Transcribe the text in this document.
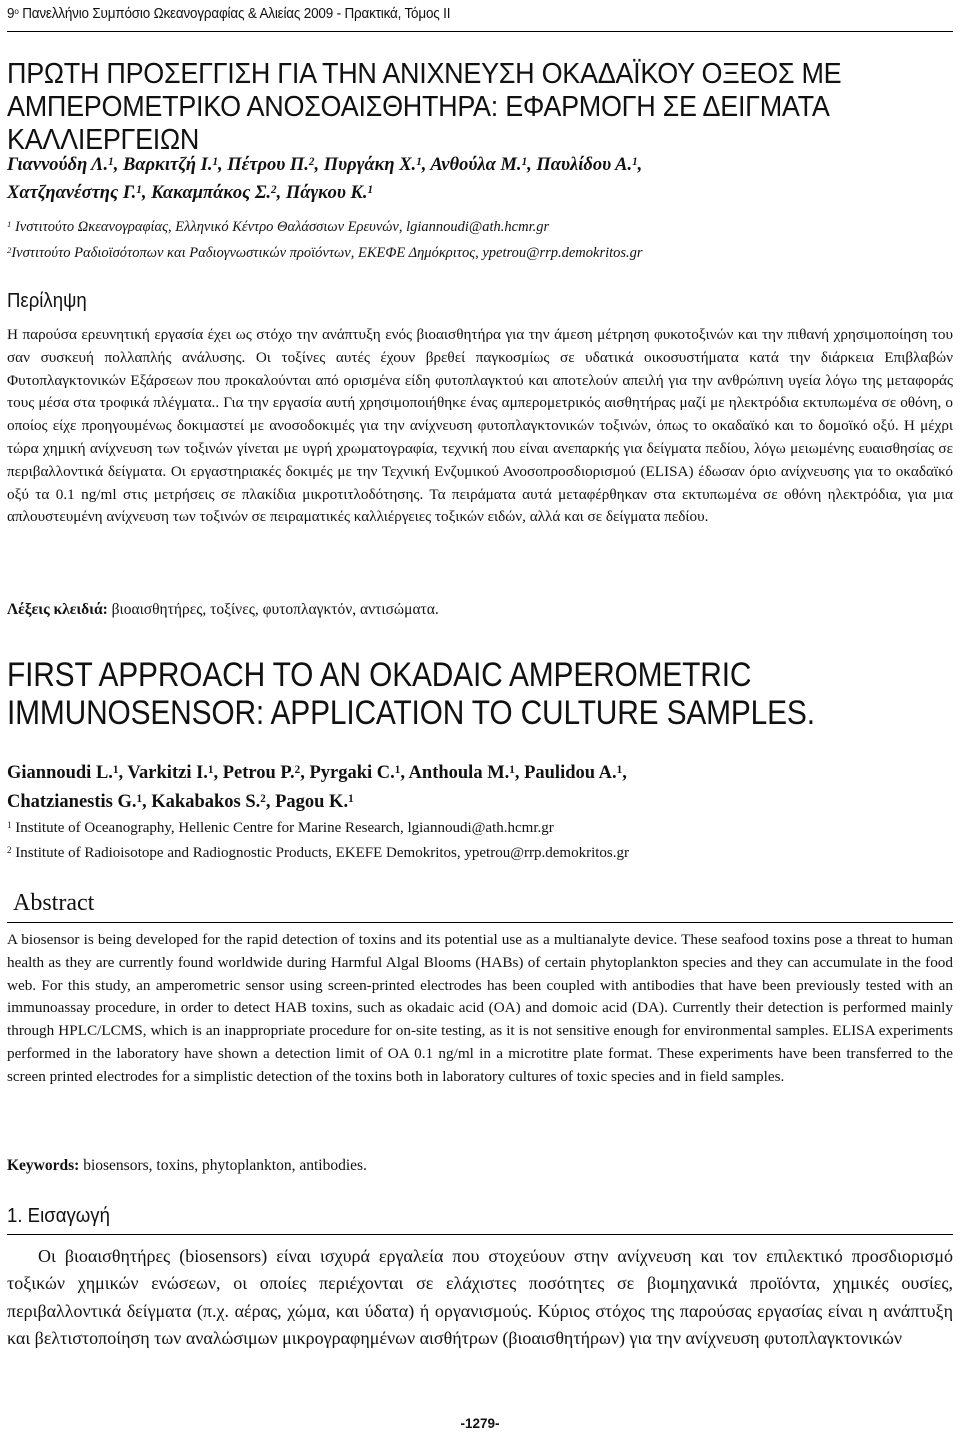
$9^o$ Πανελλήνιο Συμπόσιο Ωκεανογραφίας & Αλιείας 2009 - Πρακτικά, Τόμος ΙΙ
ΠΡΩΤΗ ΠΡΟΣΕΓΓΙΣΗ ΓΙΑ ΤΗΝ ΑΝΙΧΝΕΥΣΗ ΟΚΑΔΑΪΚΟΥ ΟΞΕΟΣ ΜΕ
ΑΜΠΕΡΟΜΕΤΡΙΚΟ ΑΝΟΣΟΑΙΣΘΗΤΗΡΑ: ΕΦΑΡΜΟΓΗ ΣΕ ΔΕΙΓΜΑΤΑ ΚΑΛΛΙΕΡΓΕΙΩΝ
Γιαννούδη Λ.$^1$, Βαρκιτζή Ι.$^1$, Πέτρου Π.$^2$, Πυργάκη Χ.$^1$, Ανθούλα Μ.$^1$, Παυλίδου Α.$^1$,
Χατζηανέστης Γ.$^1$, Κακαμπάκος Σ.$^2$, Πάγκου Κ.$^1$
$^1$ Ινστιτούτο Ωκεανογραφίας, Ελληνικό Κέντρο Θαλάσσιων Ερευνών, lgiannoudi@ath.hcmr.gr
$^2$Ινστιτούτο Ραδιοϊσότοπων και Ραδιογνωστικών προϊόντων, ΕΚΕΦΕ Δημόκριτος, ypetrou@rrp.demokritos.gr
Περίληψη

Η παρούσα ερευνητική εργασία έχει ως στόχο την ανάπτυξη ενός βιοαισθητήρα για την άμεση μέτρηση φυκοτοξινών και την πιθανή χρησιμοποίηση του σαν συσκευή πολλαπλής ανάλυσης. Οι τοξίνες αυτές έχουν βρεθεί παγκοσμίως σε υδατικά οικοσυστήματα κατά την διάρκεια Επιβλαβών Φυτοπλαγκτονικών Εξάρσεων που προκαλούνται από ορισμένα είδη φυτοπλαγκτού και αποτελούν απειλή για την ανθρώπινη υγεία λόγω της μεταφοράς τους μέσα στα τροφικά πλέγματα.. Για την εργασία αυτή χρησιμοποιήθηκε ένας αμπερομετρικός αισθητήρας μαζί με ηλεκτρόδια εκτυπωμένα σε οθόνη, ο οποίος είχε προηγουμένως δοκιμαστεί με ανοσοδοκιμές για την ανίχνευση φυτοπλαγκτονικών τοξινών, όπως το οκαδαϊκό και το δομοϊκό οξύ. Η μέχρι τώρα χημική ανίχνευση των τοξινών γίνεται με υγρή χρωματογραφία, τεχνική που είναι ανεπαρκής για δείγματα πεδίου, λόγω μειωμένης ευαισθησίας σε περιβαλλοντικά δείγματα. Οι εργαστηριακές δοκιμές με την Τεχνική Ενζυμικού Ανοσοπροσδιορισμού (ELISA) έδωσαν όριο ανίχνευσης για το οκαδαϊκό οξύ τα 0.1 ng/ml στις μετρήσεις σε πλακίδια μικροτιτλοδότησης. Τα πειράματα αυτά μεταφέρθηκαν στα εκτυπωμένα σε οθόνη ηλεκτρόδια, για μια απλουστευμένη ανίχνευση των τοξινών σε πειραματικές καλλιέργειες τοξικών ειδών, αλλά και σε δείγματα πεδίου.

Λέξεις κλειδιά: βιοαισθητήρες, τοξίνες, φυτοπλαγκτόν, αντισώματα.
FIRST APPROACH TO AN OKADAIC AMPEROMETRIC
IMMUNOSENSOR: APPLICATION TO CULTURE SAMPLES.
Giannoudi L.$^1$, Varkitzi I.$^1$, Petrou P.$^2$, Pyrgaki C.$^1$, Anthoula M.$^1$, Paulidou A.$^1$,
Chatzianestis G.$^1$, Kakabakos S.$^2$, Pagou K.$^1$
$^1$ Institute of Oceanography, Hellenic Centre for Marine Research, lgiannoudi@ath.hcmr.gr
$^2$ Institute of Radioisotope and Radiognostic Products, EKEFE Demokritos, ypetrou@rrp.demokritos.gr
Abstract

A biosensor is being developed for the rapid detection of toxins and its potential use as a multianalyte device. These seafood toxins pose a threat to human health as they are currently found worldwide during Harmful Algal Blooms (HABs) of certain phytoplankton species and they can accumulate in the food web. For this study, an amperometric sensor using screen-printed electrodes has been coupled with antibodies that have been previously tested with an immunoassay procedure, in order to detect HAB toxins, such as okadaic acid (OA) and domoic acid (DA). Currently their detection is performed mainly through HPLC/LCMS, which is an inappropriate procedure for on-site testing, as it is not sensitive enough for environmental samples. ELISA experiments performed in the laboratory have shown a detection limit of OA 0.1 ng/ml in a microtitre plate format. These experiments have been transferred to the screen printed electrodes for a simplistic detection of the toxins both in laboratory cultures of toxic species and in field samples.

Keywords: biosensors, toxins, phytoplankton, antibodies.
1. Εισαγωγή

Οι βιοαισθητήρες (biosensors) είναι ισχυρά εργαλεία που στοχεύουν στην ανίχνευση και τον επιλεκτικό προσδιορισμό τοξικών χημικών ενώσεων, οι οποίες περιέχονται σε ελάχιστες ποσότητες σε βιομηχανικά προϊόντα, χημικές ουσίες, περιβαλλοντικά δείγματα (π.χ. αέρας, χώμα, και ύδατα) ή οργανισμούς. Κύριος στόχος της παρούσας εργασίας είναι η ανάπτυξη και βελτιστοποίηση των αναλώσιμων μικρογραφημένων αισθήτρων (βιοαισθητήρων) για την ανίχνευση φυτοπλαγκτονικών

-1279-
